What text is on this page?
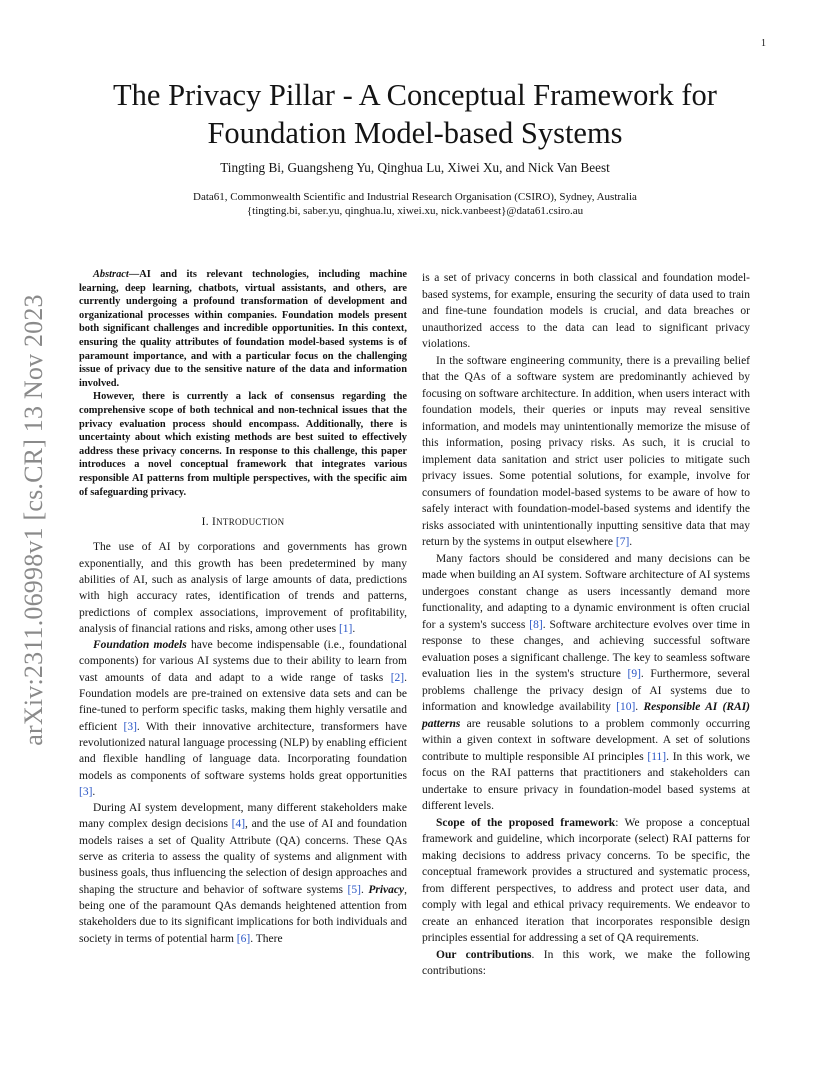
1
arXiv:2311.06998v1 [cs.CR] 13 Nov 2023
The Privacy Pillar - A Conceptual Framework for
Foundation Model-based Systems
Tingting Bi, Guangsheng Yu, Qinghua Lu, Xiwei Xu, and Nick Van Beest
Data61, Commonwealth Scientific and Industrial Research Organisation (CSIRO), Sydney, Australia
{tingting.bi, saber.yu, qinghua.lu, xiwei.xu, nick.vanbeest}@data61.csiro.au

Abstract—AI and its relevant technologies, including machine learning, deep learning, chatbots, virtual assistants, and others, are currently undergoing a profound transformation of development and organizational processes within companies. Foundation models present both significant challenges and incredible opportunities. In this context, ensuring the quality attributes of foundation model-based systems is of paramount importance, and with a particular focus on the challenging issue of privacy due to the sensitive nature of the data and information involved.

However, there is currently a lack of consensus regarding the comprehensive scope of both technical and non-technical issues that the privacy evaluation process should encompass. Additionally, there is uncertainty about which existing methods are best suited to effectively address these privacy concerns. In response to this challenge, this paper introduces a novel conceptual framework that integrates various responsible AI patterns from multiple perspectives, with the specific aim of safeguarding privacy.

I. INTRODUCTION

The use of AI by corporations and governments has grown exponentially, and this growth has been predetermined by many abilities of AI, such as analysis of large amounts of data, predictions with high accuracy rates, identification of trends and patterns, predictions of complex associations, improvement of profitability, analysis of financial rations and risks, among other uses [1].

Foundation models have become indispensable (i.e., foundational components) for various AI systems due to their ability to learn from vast amounts of data and adapt to a wide range of tasks [2]. Foundation models are pre-trained on extensive data sets and can be fine-tuned to perform specific tasks, making them highly versatile and efficient [3]. With their innovative architecture, transformers have revolutionized natural language processing (NLP) by enabling efficient and flexible handling of language data. Incorporating foundation models as components of software systems holds great opportunities [3].

During AI system development, many different stakeholders make many complex design decisions [4], and the use of AI and foundation models raises a set of Quality Attribute (QA) concerns. These QAs serve as criteria to assess the quality of systems and alignment with business goals, thus influencing the selection of design approaches and shaping the structure and behavior of software systems [5]. Privacy, being one of the paramount QAs demands heightened attention from stakeholders due to its significant implications for both individuals and society in terms of potential harm [6]. There

is a set of privacy concerns in both classical and foundation model-based systems, for example, ensuring the security of data used to train and fine-tune foundation models is crucial, and data breaches or unauthorized access to the data can lead to significant privacy violations.

In the software engineering community, there is a prevailing belief that the QAs of a software system are predominantly achieved by focusing on software architecture. In addition, when users interact with foundation models, their queries or inputs may reveal sensitive information, and models may unintentionally memorize the misuse of this information, posing privacy risks. As such, it is crucial to implement data sanitation and strict user policies to mitigate such privacy issues. Some potential solutions, for example, involve for consumers of foundation model-based systems to be aware of how to safely interact with foundation-model-based systems and identify the risks associated with unintentionally inputting sensitive data that may return by the systems in output elsewhere [7].

Many factors should be considered and many decisions can be made when building an AI system. Software architecture of AI systems undergoes constant change as users incessantly demand more functionality, and adapting to a dynamic environment is often crucial for a system's success [8]. Software architecture evolves over time in response to these changes, and achieving successful software evaluation poses a significant challenge. The key to seamless software evaluation lies in the system's structure [9]. Furthermore, several problems challenge the privacy design of AI systems due to information and knowledge availability [10]. Responsible AI (RAI) patterns are reusable solutions to a problem commonly occurring within a given context in software development. A set of solutions contribute to multiple responsible AI principles [11]. In this work, we focus on the RAI patterns that practitioners and stakeholders can undertake to ensure privacy in foundation-model based systems at different levels.

Scope of the proposed framework: We propose a conceptual framework and guideline, which incorporate (select) RAI patterns for making decisions to address privacy concerns. To be specific, the conceptual framework provides a structured and systematic process, from different perspectives, to address and protect user data, and comply with legal and ethical privacy requirements. We endeavor to create an enhanced iteration that incorporates responsible design principles essential for addressing a set of QA requirements.

Our contributions. In this work, we make the following contributions:
